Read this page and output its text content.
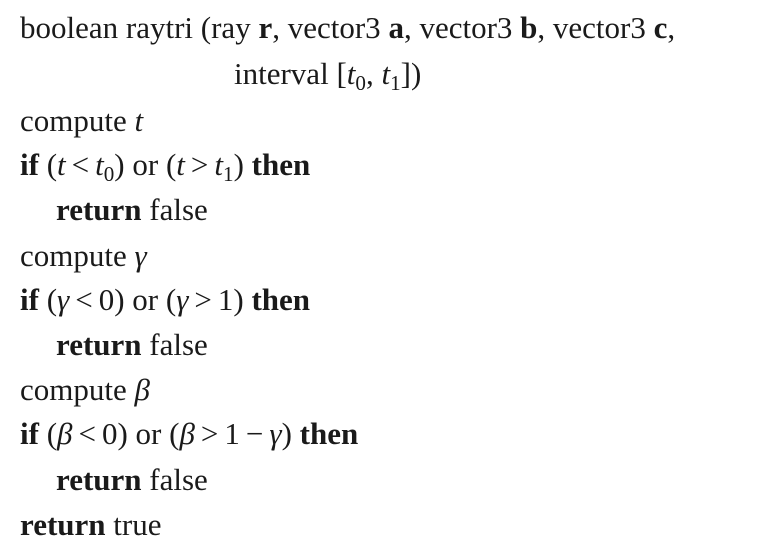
boolean raytri (ray r, vector3 a, vector3 b, vector3 c,
interval [$t_0$, $t_1$])
compute t
if $(t < t_0)$ or $(t > t_1)$ then
return false
compute γ
if (γ < 0) or (γ > 1) then
return false
compute β
if (β < 0) or (β > 1 − γ) then
return false
return true
